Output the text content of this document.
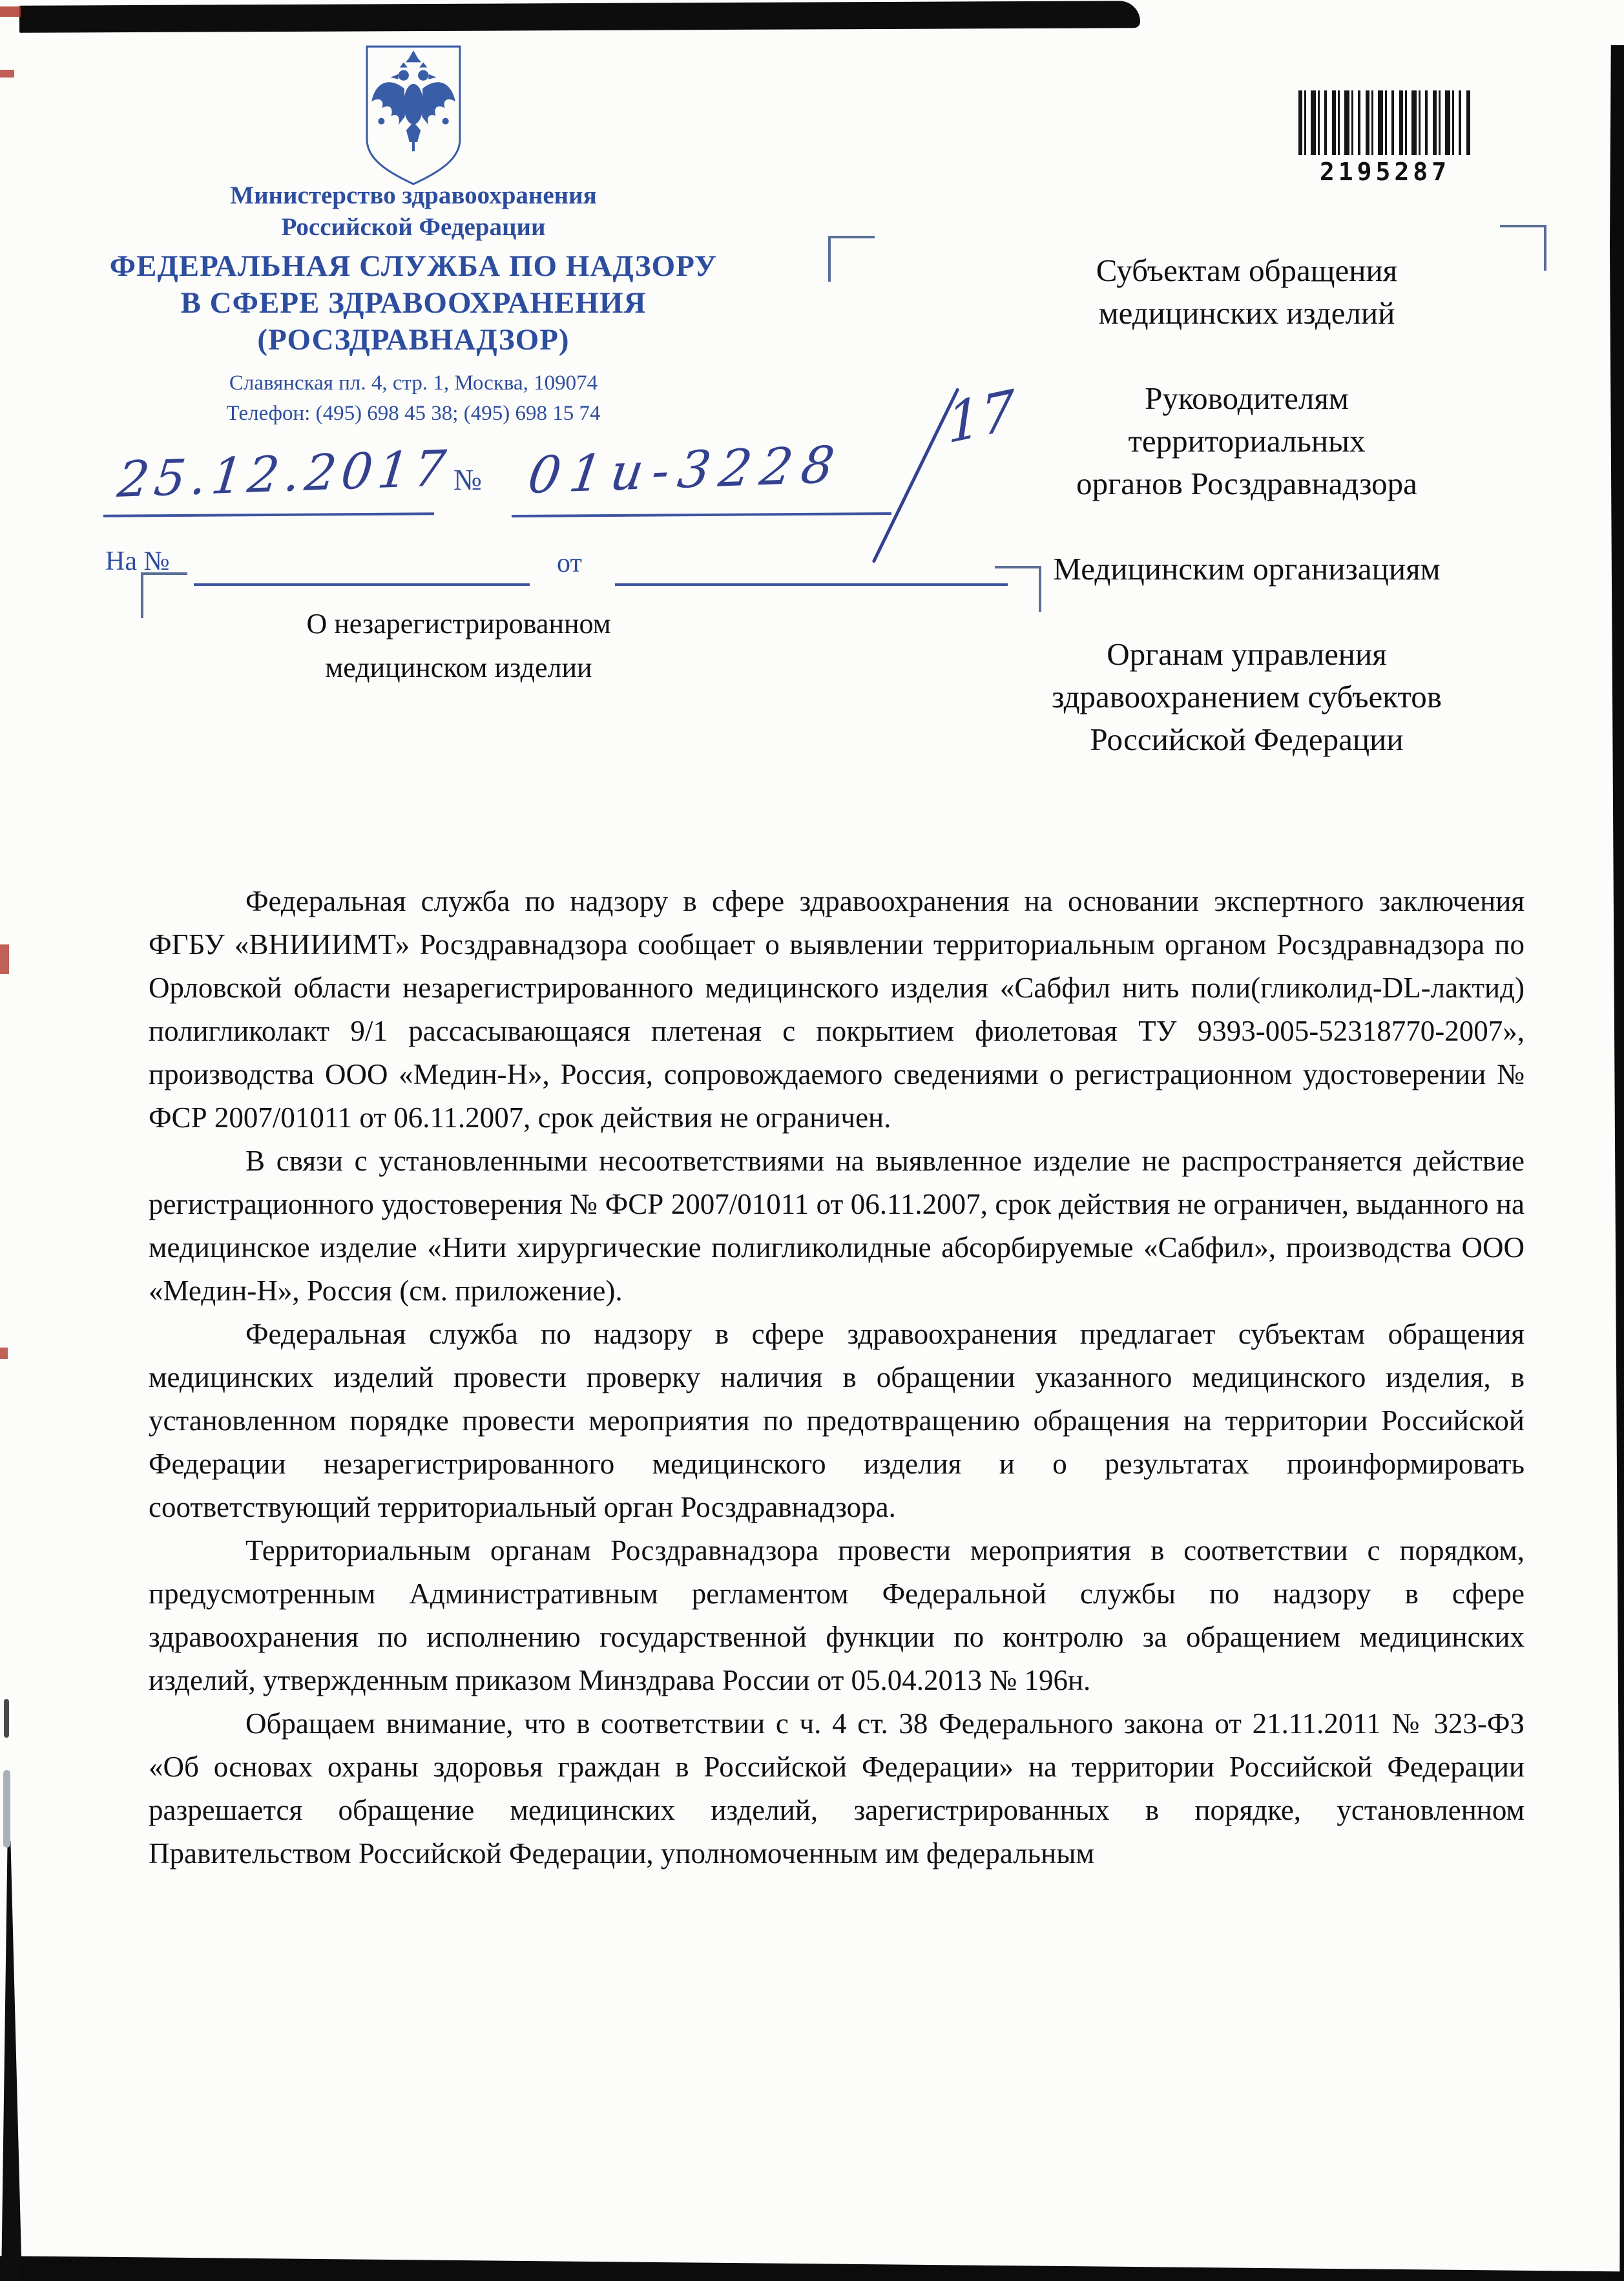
Министерство здравоохранения
Российской Федерации
ФЕДЕРАЛЬНАЯ СЛУЖБА ПО НАДЗОРУ
В СФЕРЕ ЗДРАВООХРАНЕНИЯ
(РОСЗДРАВНАДЗОР)
Славянская пл. 4, стр. 1, Москва, 109074
Телефон: (495) 698 45 38; (495) 698 15 74
2195287
25.12.2017 № 01и-3228
17
На №	от
О незарегистрированном
медицинском изделии
Субъектам обращения
медицинских изделий
Руководителям
территориальных
органов Росздравнадзора
Медицинским организациям
Органам управления
здравоохранением субъектов
Российской Федерации

Федеральная служба по надзору в сфере здравоохранения на основании экспертного заключения ФГБУ «ВНИИИМТ» Росздравнадзора сообщает о выявлении территориальным органом Росздравнадзора по Орловской области незарегистрированного медицинского изделия «Сабфил нить поли(гликолид-DL-лактид) полигликолакт 9/1 рассасывающаяся плетеная с покрытием фиолетовая ТУ 9393-005-52318770-2007», производства ООО «Медин-Н», Россия, сопровождаемого сведениями о регистрационном удостоверении № ФСР 2007/01011 от 06.11.2007, срок действия не ограничен.

В связи с установленными несоответствиями на выявленное изделие не распространяется действие регистрационного удостоверения № ФСР 2007/01011 от 06.11.2007, срок действия не ограничен, выданного на медицинское изделие «Нити хирургические полигликолидные абсорбируемые «Сабфил», производства ООО «Медин-Н», Россия (см. приложение).

Федеральная служба по надзору в сфере здравоохранения предлагает субъектам обращения медицинских изделий провести проверку наличия в обращении указанного медицинского изделия, в установленном порядке провести мероприятия по предотвращению обращения на территории Российской Федерации незарегистрированного медицинского изделия и о результатах проинформировать соответствующий территориальный орган Росздравнадзора.

Территориальным органам Росздравнадзора провести мероприятия в соответствии с порядком, предусмотренным Административным регламентом Федеральной службы по надзору в сфере здравоохранения по исполнению государственной функции по контролю за обращением медицинских изделий, утвержденным приказом Минздрава России от 05.04.2013 № 196н.

Обращаем внимание, что в соответствии с ч. 4 ст. 38 Федерального закона от 21.11.2011 № 323-ФЗ «Об основах охраны здоровья граждан в Российской Федерации» на территории Российской Федерации разрешается обращение медицинских изделий, зарегистрированных в порядке, установленном Правительством Российской Федерации, уполномоченным им федеральным
